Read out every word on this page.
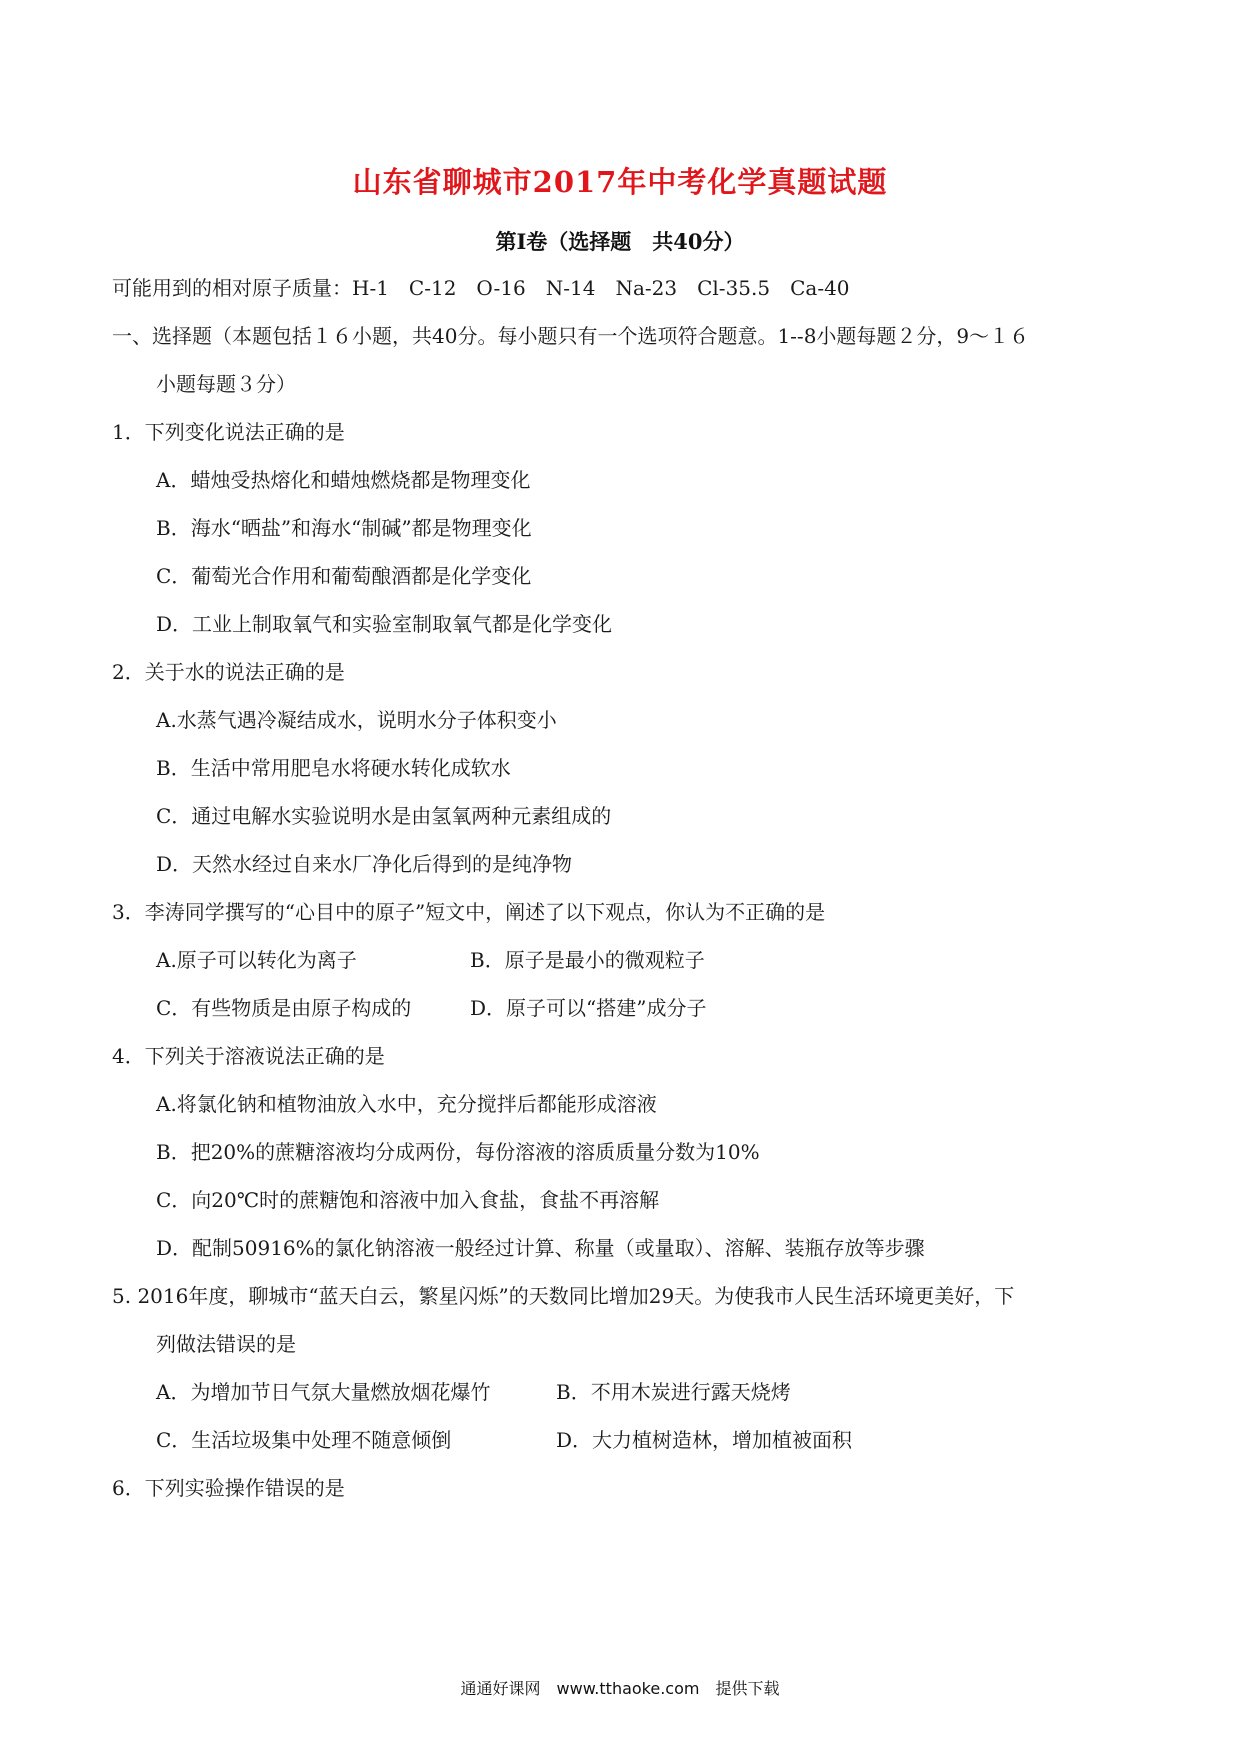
山东省聊城市2017年中考化学真题试题
第Ⅰ卷（选择题　共40分）
可能用到的相对原子质量：H-1　C-12　O-16　N-14　Na-23　Cl-35.5　Ca-40
一、选择题（本题包括１６小题，共40分。每小题只有一个选项符合题意。1--8小题每题２分，9～１６
小题每题３分）
1．下列变化说法正确的是
A．蜡烛受热熔化和蜡烛燃烧都是物理变化
B．海水“晒盐”和海水“制碱”都是物理变化
C．葡萄光合作用和葡萄酿酒都是化学变化
D．工业上制取氧气和实验室制取氧气都是化学变化
2．关于水的说法正确的是
A.水蒸气遇冷凝结成水，说明水分子体积变小
B．生活中常用肥皂水将硬水转化成软水
C．通过电解水实验说明水是由氢氧两种元素组成的
D．天然水经过自来水厂净化后得到的是纯净物
3．李涛同学撰写的“心目中的原子”短文中，阐述了以下观点，你认为不正确的是
A.原子可以转化为离子	B．原子是最小的微观粒子
C．有些物质是由原子构成的	D．原子可以“搭建”成分子
4．下列关于溶液说法正确的是
A.将氯化钠和植物油放入水中，充分搅拌后都能形成溶液
B．把20%的蔗糖溶液均分成两份，每份溶液的溶质质量分数为10%
C．向20℃时的蔗糖饱和溶液中加入食盐，食盐不再溶解
D．配制50916%的氯化钠溶液一般经过计算、称量（或量取）、溶解、装瓶存放等步骤
5. 2016年度，聊城市“蓝天白云，繁星闪烁”的天数同比增加29天。为使我市人民生活环境更美好，下
列做法错误的是
A．为增加节日气氛大量燃放烟花爆竹	B．不用木炭进行露天烧烤
C．生活垃圾集中处理不随意倾倒	D．大力植树造林，增加植被面积
6．下列实验操作错误的是
通通好课网　www.tthaoke.com　提供下载
